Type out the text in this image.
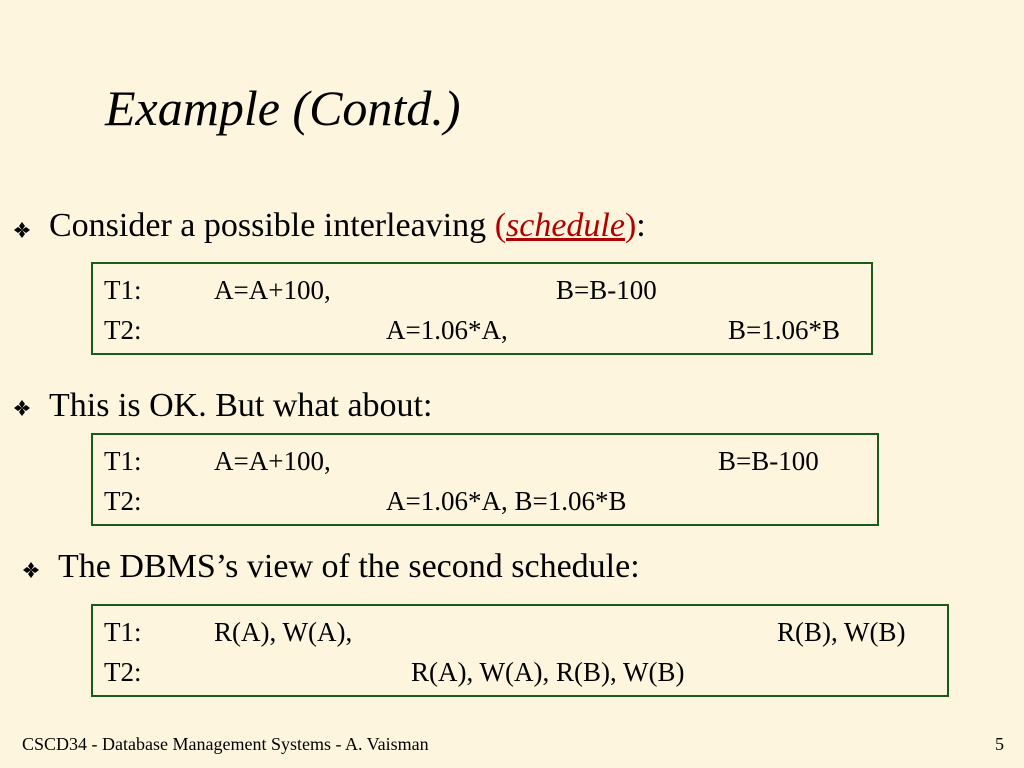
Example (Contd.)
Consider a possible interleaving (schedule):
T1:	A=A+100,	B=B-100
T2:	A=1.06*A,	B=1.06*B
This is OK. But what about:
T1:	A=A+100,	B=B-100
T2:	A=1.06*A, B=1.06*B
The DBMS’s view of the second schedule:
T1:	R(A), W(A),	R(B), W(B)
T2:	R(A), W(A), R(B), W(B)
CSCD34 - Database Management Systems - A. Vaisman	5
